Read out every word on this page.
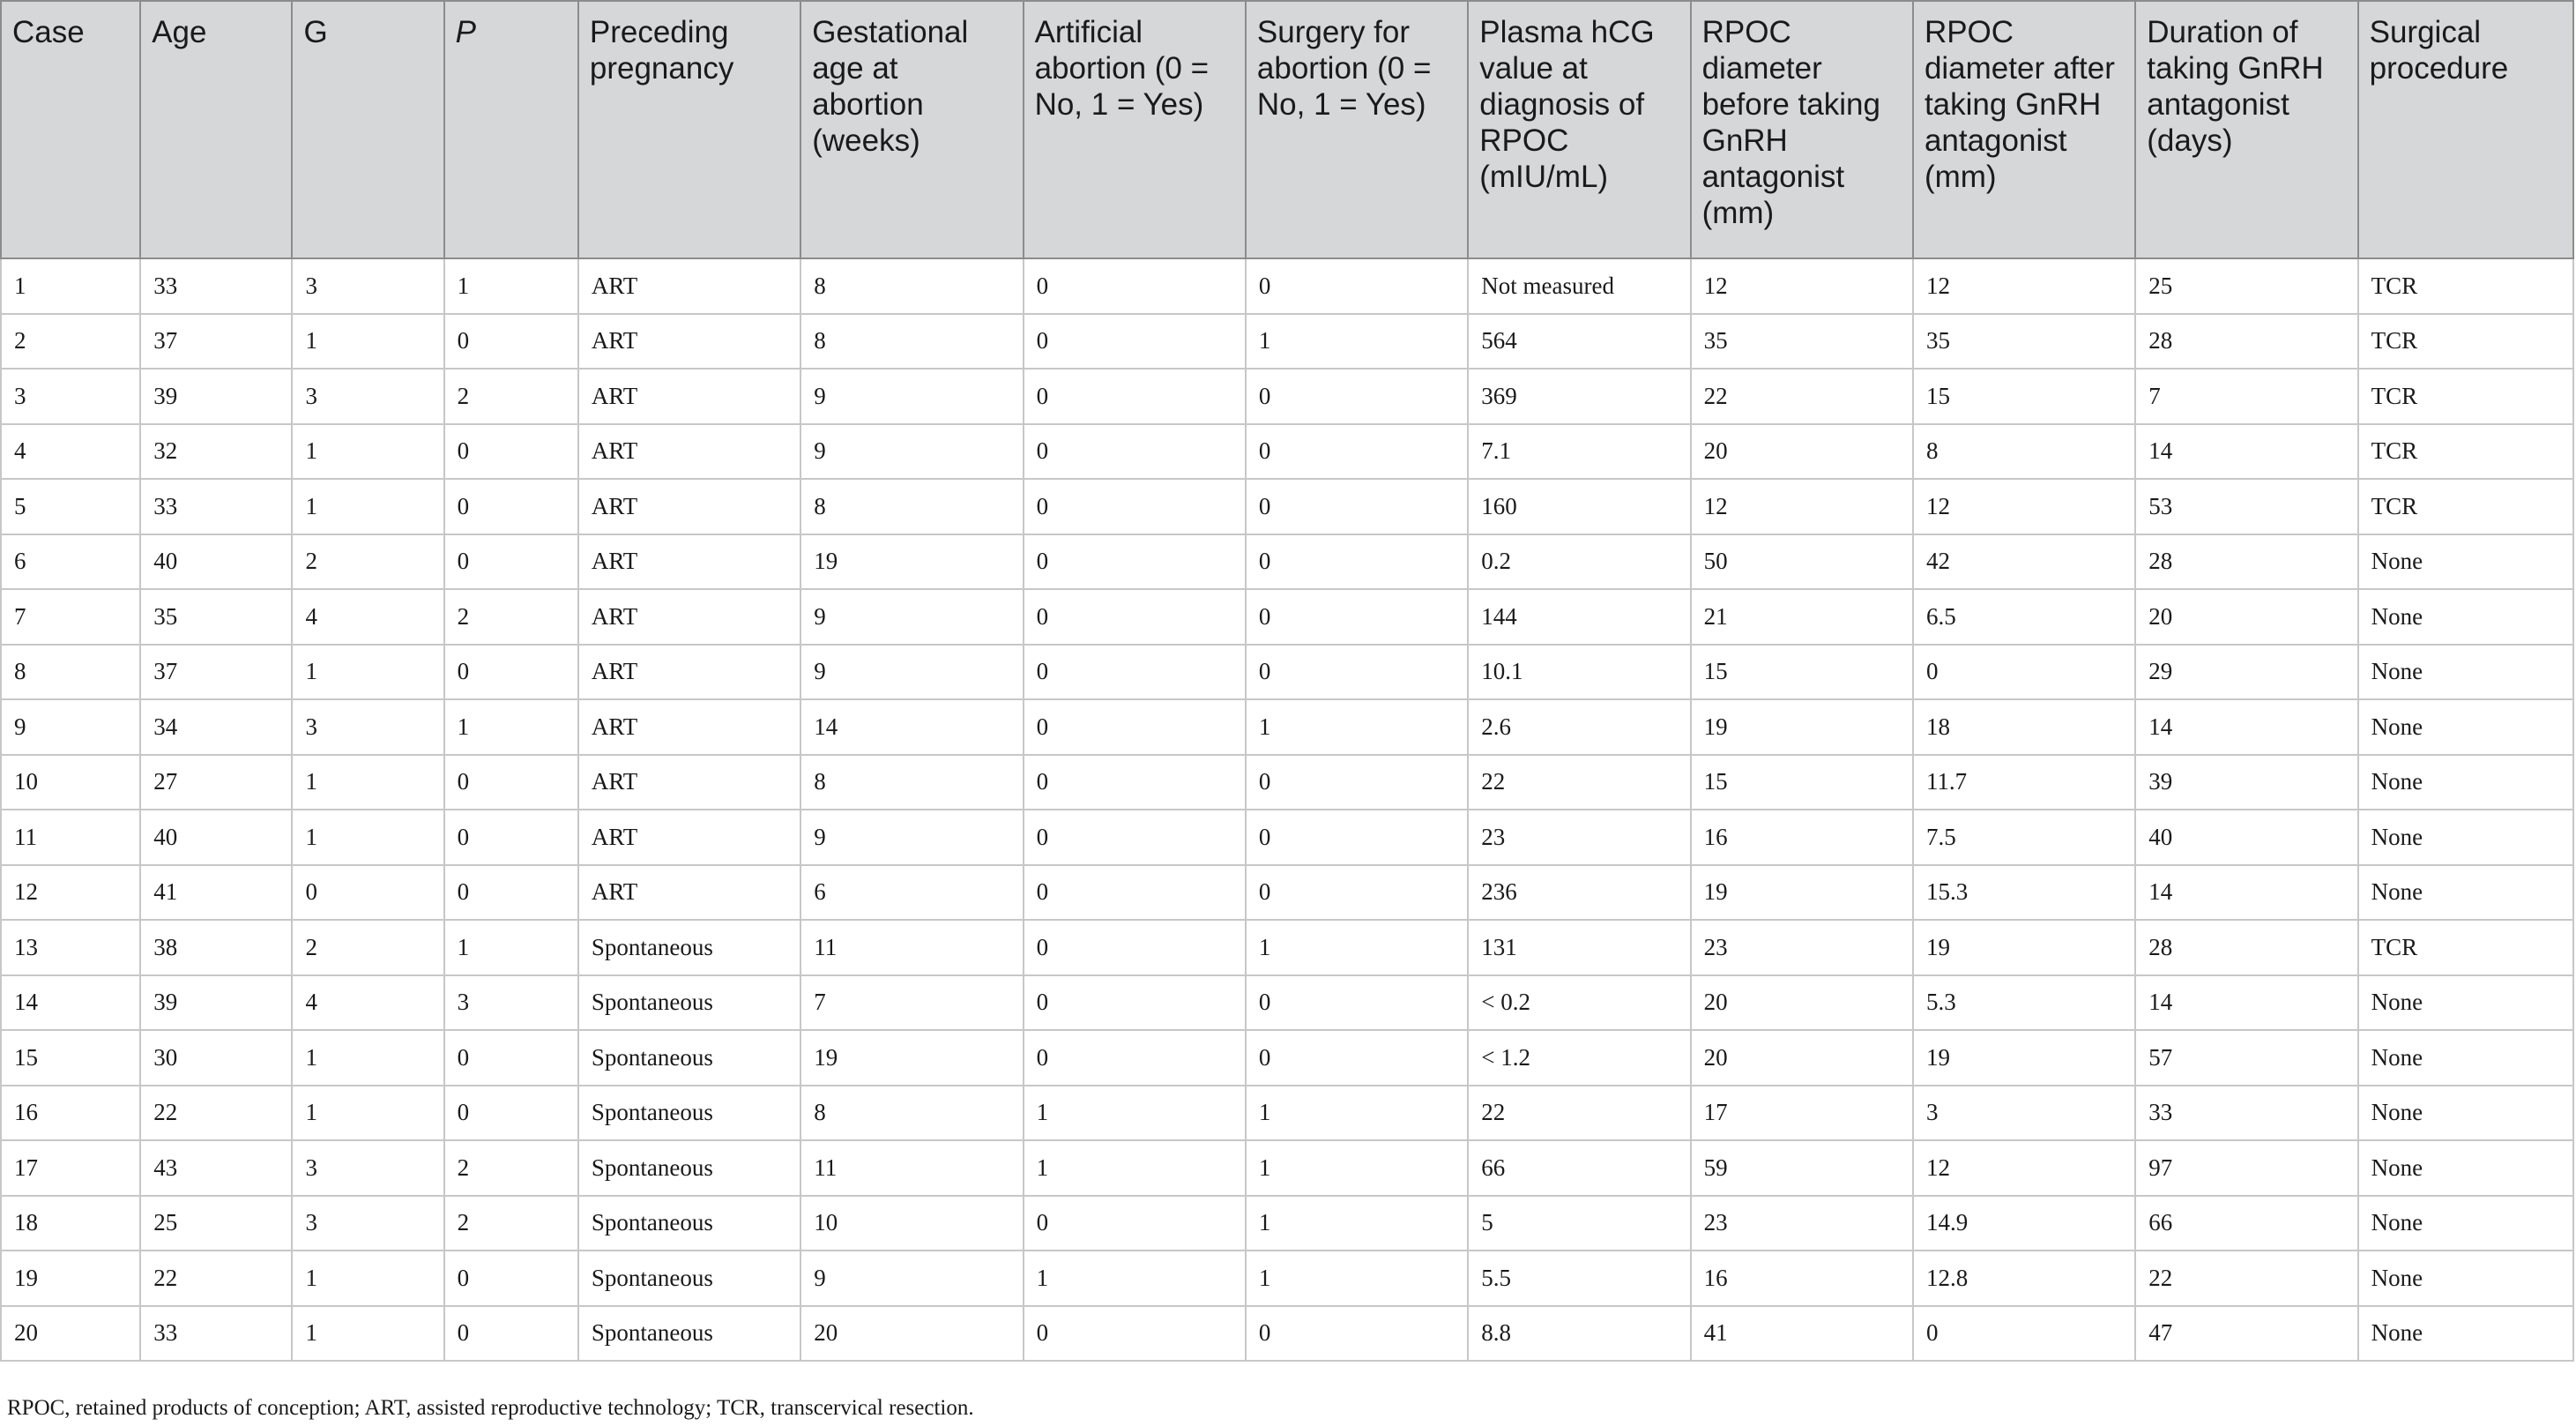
Case	Age	G	P	Preceding pregnancy	Gestational age at abortion (weeks)	Artificial abortion (0 = No, 1 = Yes)	Surgery for abortion (0 = No, 1 = Yes)	Plasma hCG value at diagnosis of RPOC (mIU/mL)	RPOC diameter before taking GnRH antagonist (mm)	RPOC diameter after taking GnRH antagonist (mm)	Duration of taking GnRH antagonist (days)	Surgical procedure
1	33	3	1	ART	8	0	0	Not measured	12	12	25	TCR
2	37	1	0	ART	8	0	1	564	35	35	28	TCR
3	39	3	2	ART	9	0	0	369	22	15	7	TCR
4	32	1	0	ART	9	0	0	7.1	20	8	14	TCR
5	33	1	0	ART	8	0	0	160	12	12	53	TCR
6	40	2	0	ART	19	0	0	0.2	50	42	28	None
7	35	4	2	ART	9	0	0	144	21	6.5	20	None
8	37	1	0	ART	9	0	0	10.1	15	0	29	None
9	34	3	1	ART	14	0	1	2.6	19	18	14	None
10	27	1	0	ART	8	0	0	22	15	11.7	39	None
11	40	1	0	ART	9	0	0	23	16	7.5	40	None
12	41	0	0	ART	6	0	0	236	19	15.3	14	None
13	38	2	1	Spontaneous	11	0	1	131	23	19	28	TCR
14	39	4	3	Spontaneous	7	0	0	< 0.2	20	5.3	14	None
15	30	1	0	Spontaneous	19	0	0	< 1.2	20	19	57	None
16	22	1	0	Spontaneous	8	1	1	22	17	3	33	None
17	43	3	2	Spontaneous	11	1	1	66	59	12	97	None
18	25	3	2	Spontaneous	10	0	1	5	23	14.9	66	None
19	22	1	0	Spontaneous	9	1	1	5.5	16	12.8	22	None
20	33	1	0	Spontaneous	20	0	0	8.8	41	0	47	None
RPOC, retained products of conception; ART, assisted reproductive technology; TCR, transcervical resection.
